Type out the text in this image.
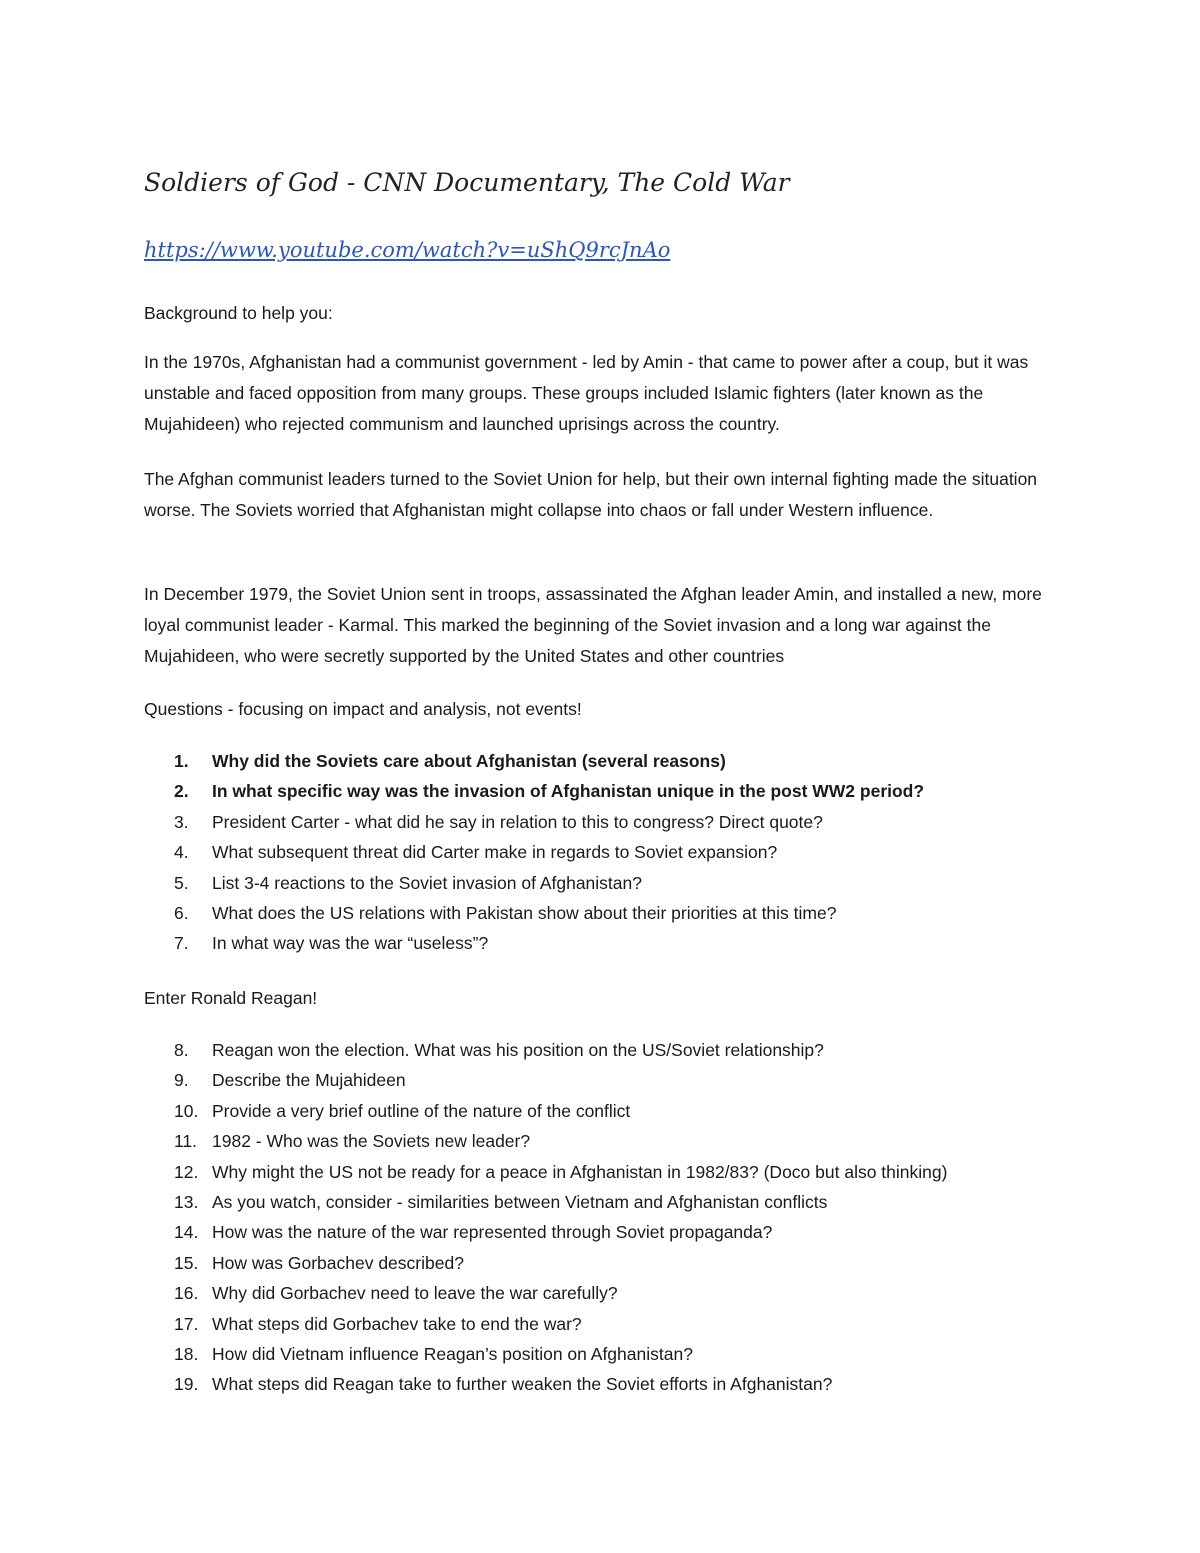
Soldiers of God - CNN Documentary, The Cold War
https://www.youtube.com/watch?v=uShQ9rcJnAo

Background to help you:

In the 1970s, Afghanistan had a communist government - led by Amin - that came to power after a coup, but it was unstable and faced opposition from many groups. These groups included Islamic fighters (later known as the Mujahideen) who rejected communism and launched uprisings across the country.

The Afghan communist leaders turned to the Soviet Union for help, but their own internal fighting made the situation worse. The Soviets worried that Afghanistan might collapse into chaos or fall under Western influence.

In December 1979, the Soviet Union sent in troops, assassinated the Afghan leader Amin, and installed a new, more loyal communist leader - Karmal. This marked the beginning of the Soviet invasion and a long war against the Mujahideen, who were secretly supported by the United States and other countries

Questions - focusing on impact and analysis, not events!

1. Why did the Soviets care about Afghanistan (several reasons)
2. In what specific way was the invasion of Afghanistan unique in the post WW2 period?
3. President Carter - what did he say in relation to this to congress? Direct quote?
4. What subsequent threat did Carter make in regards to Soviet expansion?
5. List 3-4 reactions to the Soviet invasion of Afghanistan?
6. What does the US relations with Pakistan show about their priorities at this time?
7. In what way was the war “useless”?

Enter Ronald Reagan!

8. Reagan won the election. What was his position on the US/Soviet relationship?
9. Describe the Mujahideen
10. Provide a very brief outline of the nature of the conflict
11. 1982 - Who was the Soviets new leader?
12. Why might the US not be ready for a peace in Afghanistan in 1982/83? (Doco but also thinking)
13. As you watch, consider - similarities between Vietnam and Afghanistan conflicts
14. How was the nature of the war represented through Soviet propaganda?
15. How was Gorbachev described?
16. Why did Gorbachev need to leave the war carefully?
17. What steps did Gorbachev take to end the war?
18. How did Vietnam influence Reagan’s position on Afghanistan?
19. What steps did Reagan take to further weaken the Soviet efforts in Afghanistan?
